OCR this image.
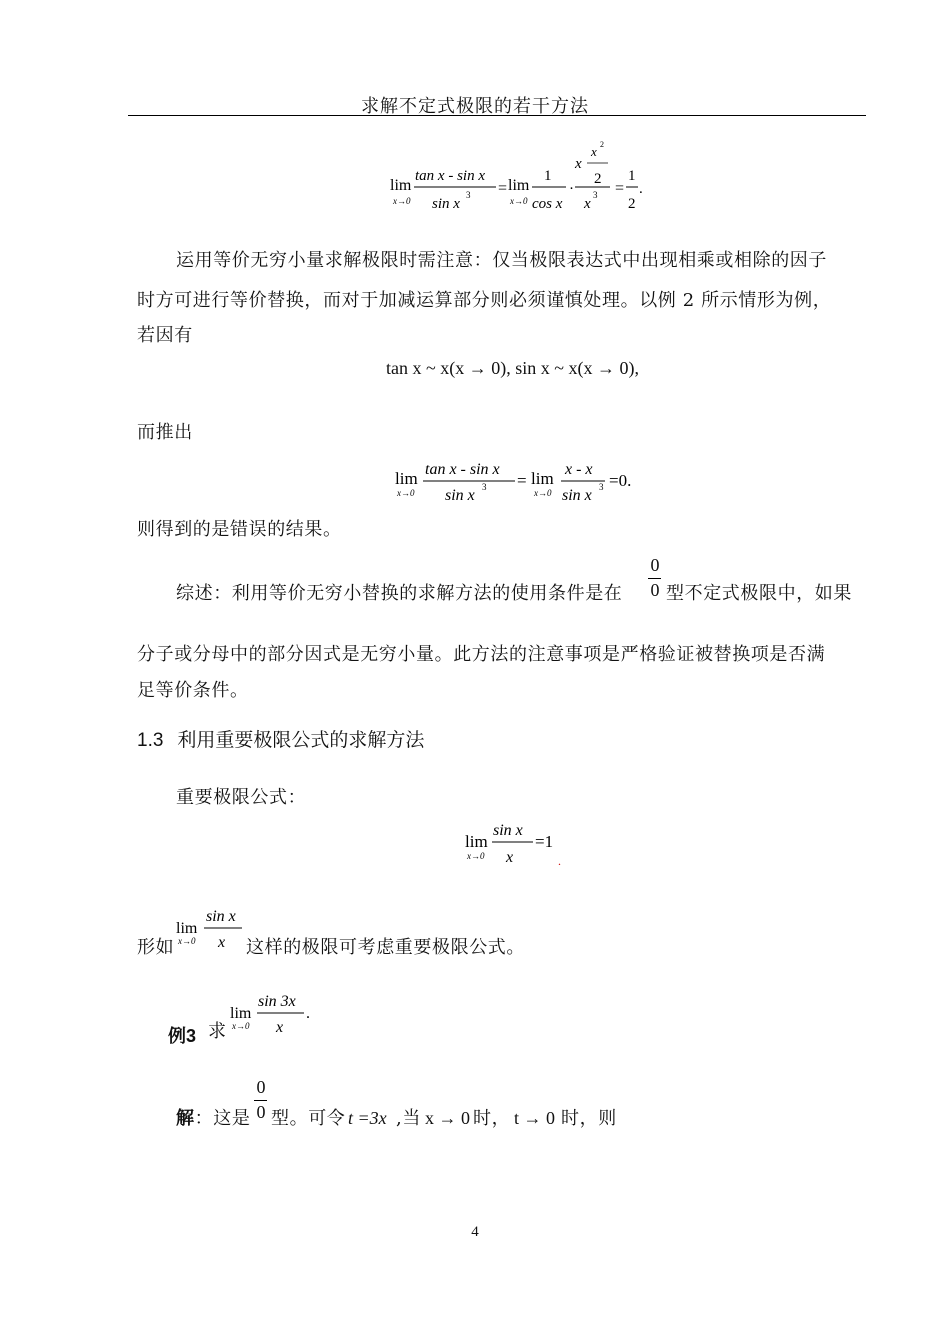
求解不定式极限的若干方法
lim
x→0
tan x - sin x
sin x
3 = lim
x→0
1
cos x
·
x
x 2
2
x
3 =
1
2
.
运用等价无穷小量求解极限时需注意：仅当极限表达式中出现相乘或相除的因子
时方可进行等价替换，而对于加减运算部分则必须谨慎处理。以例 2 所示情形为例，
若因有
tan x ~ x(x → 0), sin x ~ x(x → 0),
而推出
lim
x→0
tan x - sin x
sin x 3 = lim
x→0
x - x
sin x 3 =0.
则得到的是错误的结果。
综述：利用等价无穷小替换的求解方法的使用条件是在
0
0 型不定式极限中，如果
分子或分母中的部分因式是无穷小量。此方法的注意事项是严格验证被替换项是否满
足等价条件。
1.3 利用重要极限公式的求解方法
重要极限公式：
lim
x→0
sin x
x
=1
.
形如
lim
x→0
sin x
x 这样的极限可考虑重要极限公式。
例3 求
lim
x→0
sin 3x
x
.
解：这是
0
0 型。可令 t =3x ,当 x → 0 时， t → 0 时，则
4
